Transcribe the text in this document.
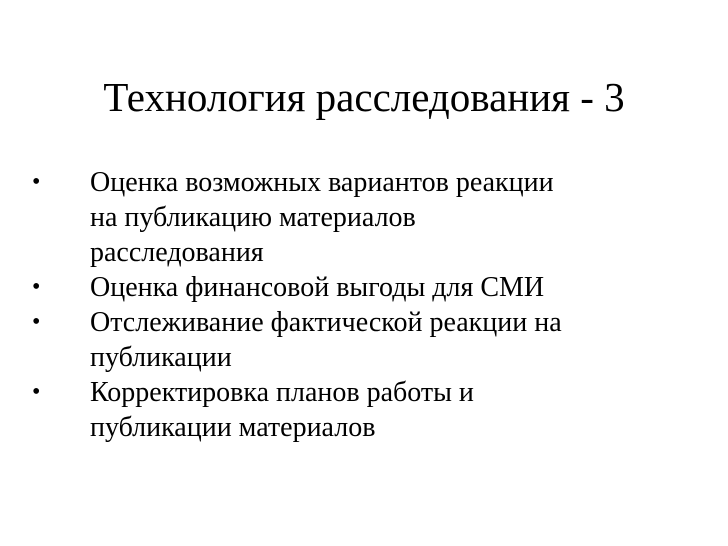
Технология расследования - 3
• Оценка возможных вариантов реакции
на публикацию материалов
расследования
• Оценка финансовой выгоды для СМИ
• Отслеживание фактической реакции на
публикации
• Корректировка планов работы и
публикации материалов
